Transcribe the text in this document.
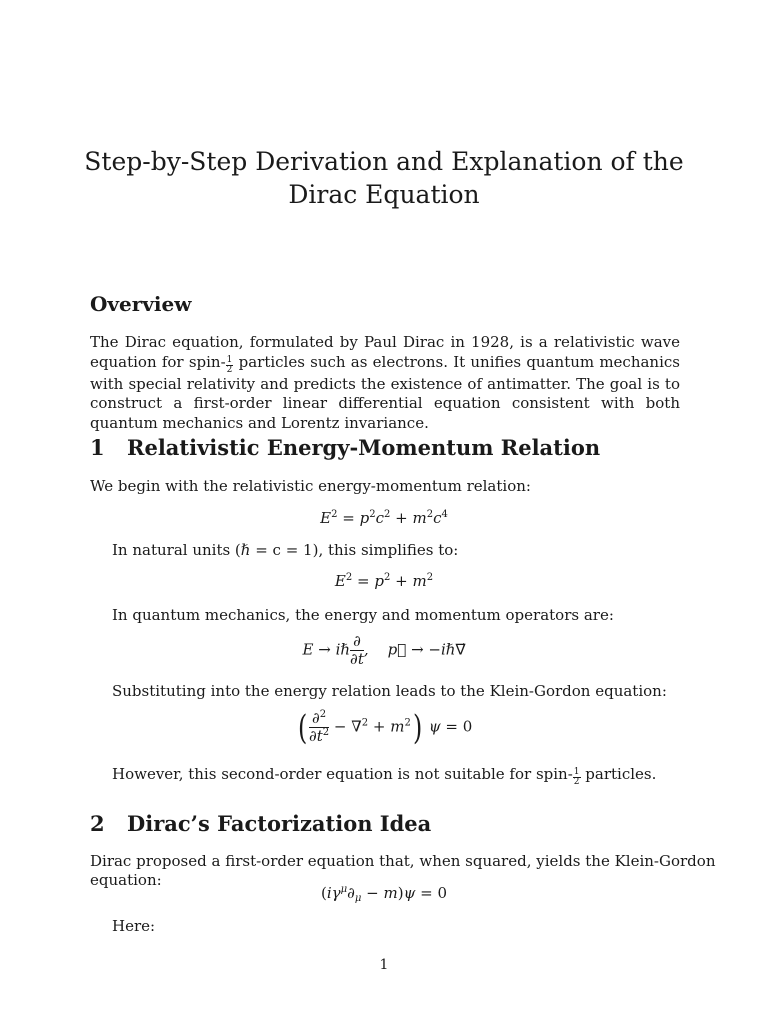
Step-by-Step Derivation and Explanation of the Dirac Equation
Overview
The Dirac equation, formulated by Paul Dirac in 1928, is a relativistic wave equation for spin- $\frac{1}{2}$ particles such as electrons. It unifies quantum mechanics with special relativity and predicts the existence of antimatter. The goal is to construct a first-order linear differential equation consistent with both quantum mechanics and Lorentz invariance.
1 Relativistic Energy-Momentum Relation
We begin with the relativistic energy-momentum relation:
$E^2 = p^2c^2 + m^2c^4$
In natural units (ℏ = c = 1), this simplifies to:
$E^2 = p^2 + m^2$
In quantum mechanics, the energy and momentum operators are:
E → iℏ $\frac{\partial}{\partial t}$ ,    p⃗ → −iℏ∇⃗
Substituting into the energy relation leads to the Klein-Gordon equation:
( $\frac{\partial^2}{\partial t^2} - \nabla^2 + m^2$) ψ = 0
However, this second-order equation is not suitable for spin- $\frac{1}{2}$ particles.
2 Dirac’s Factorization Idea
Dirac proposed a first-order equation that, when squared, yields the Klein-Gordon equation:
$(i\gamma^\mu\partial_\mu - m)\psi = 0$
Here:
1
